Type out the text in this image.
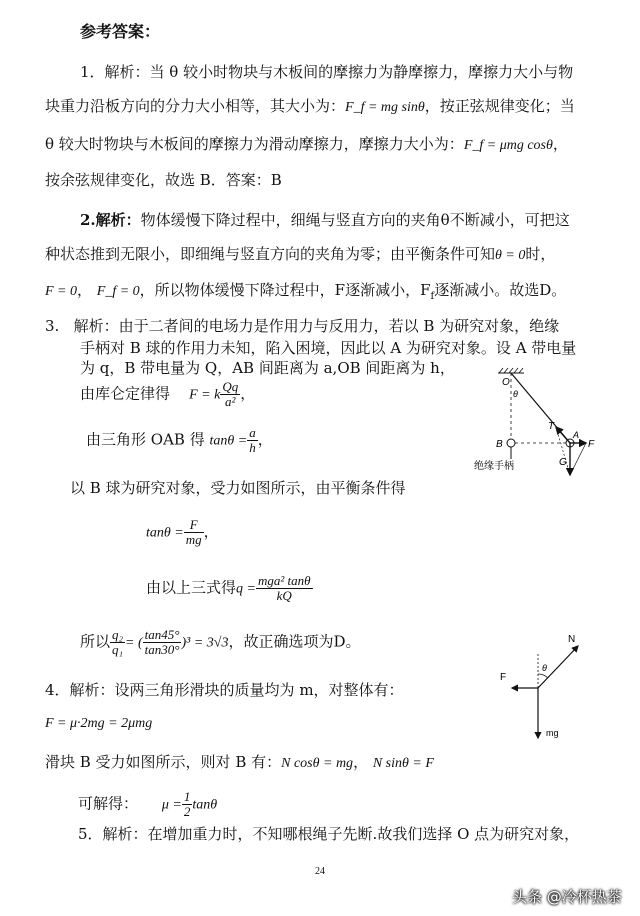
参考答案：
1．解析：当 θ 较小时物块与木板间的摩擦力为静摩擦力，摩擦力大小与物
块重力沿板方向的分力大小相等，其大小为：F_f = mg sinθ，按正弦规律变化；当
θ 较大时物块与木板间的摩擦力为滑动摩擦力，摩擦力大小为：F_f = μmg cosθ，
按余弦规律变化，故选 B．答案：B
2.解析：物体缓慢下降过程中，细绳与竖直方向的夹角θ不断减小，可把这
种状态推到无限小，即细绳与竖直方向的夹角为零；由平衡条件可知θ = 0时，
F = 0， F_f = 0，所以物体缓慢下降过程中，F逐渐减小，$F_f$逐渐减小。故选D。
3. 解析：由于二者间的电场力是作用力与反用力，若以 B 为研究对象，绝缘
手柄对 B 球的作用力未知，陷入困境，因此以 A 为研究对象。设 A 带电量
为 q，B 带电量为 Q，AB 间距离为 a,OB 间距离为 h，
由库仑定律得 F = k $\frac{Qq}{\text{a²}}$ ，
由三角形 OAB 得 $\tan\theta = \frac{a}{h}$ ，
以 B 球为研究对象，受力如图所示，由平衡条件得
$\tan\theta = \frac{F}{mg}$ ，
由以上三式得$q = \frac{\text{mga² tanθ}}{kQ}$
所以 $\frac{\text{q₂}}{\text{q₁}}$ = ( $\frac{\tan 45^\circ}{\tan 30^\circ} )^3 = 3√3$，故正确选项为D。
O
θ
T
A
B	F
G
绝缘手柄
4．解析：设两三角形滑块的质量均为 m，对整体有：
F = μ·2mg = 2μmg
滑块 B 受力如图所示，则对 B 有：N cosθ = mg， N sinθ = F
可解得： $\mu = \frac{1}{2}$ tanθ
N
F
θ
mg
5．解析：在增加重力时，不知哪根绳子先断.故我们选择 O 点为研究对象，
24
头条 @冷杯热茶
